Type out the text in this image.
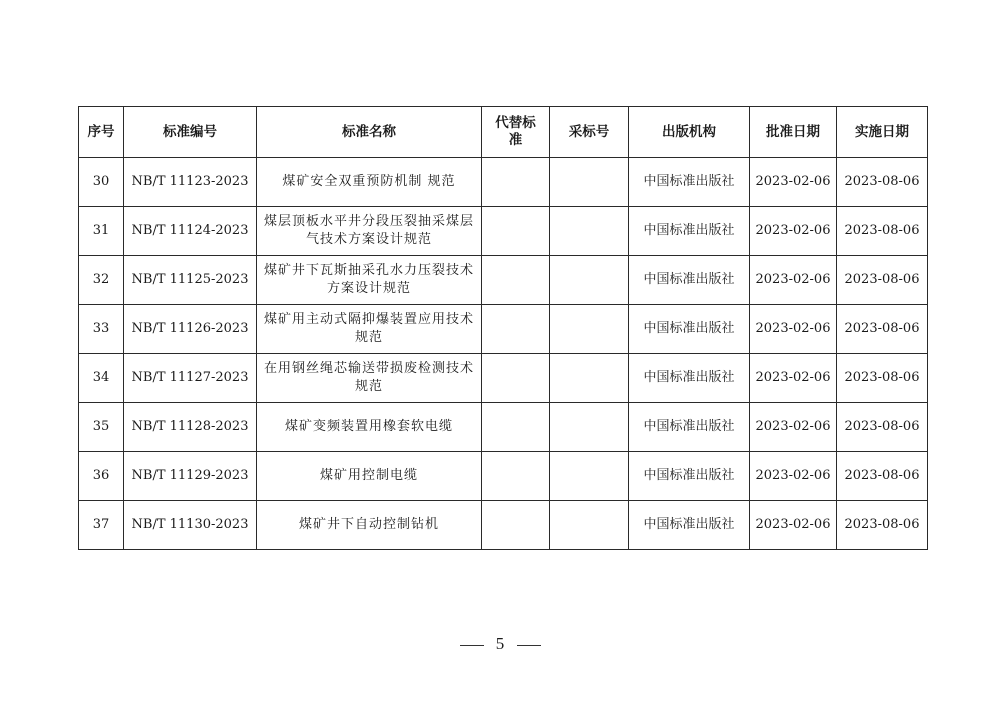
序号	标准编号	标准名称	代替标准	采标号	出版机构	批准日期	实施日期
30	NB/T 11123-2023	煤矿安全双重预防机制 规范			中国标准出版社	2023-02-06	2023-08-06
31	NB/T 11124-2023	煤层顶板水平井分段压裂抽采煤层气技术方案设计规范			中国标准出版社	2023-02-06	2023-08-06
32	NB/T 11125-2023	煤矿井下瓦斯抽采孔水力压裂技术方案设计规范			中国标准出版社	2023-02-06	2023-08-06
33	NB/T 11126-2023	煤矿用主动式隔抑爆装置应用技术规范			中国标准出版社	2023-02-06	2023-08-06
34	NB/T 11127-2023	在用钢丝绳芯输送带损废检测技术规范			中国标准出版社	2023-02-06	2023-08-06
35	NB/T 11128-2023	煤矿变频装置用橡套软电缆			中国标准出版社	2023-02-06	2023-08-06
36	NB/T 11129-2023	煤矿用控制电缆			中国标准出版社	2023-02-06	2023-08-06
37	NB/T 11130-2023	煤矿井下自动控制钻机			中国标准出版社	2023-02-06	2023-08-06
5
